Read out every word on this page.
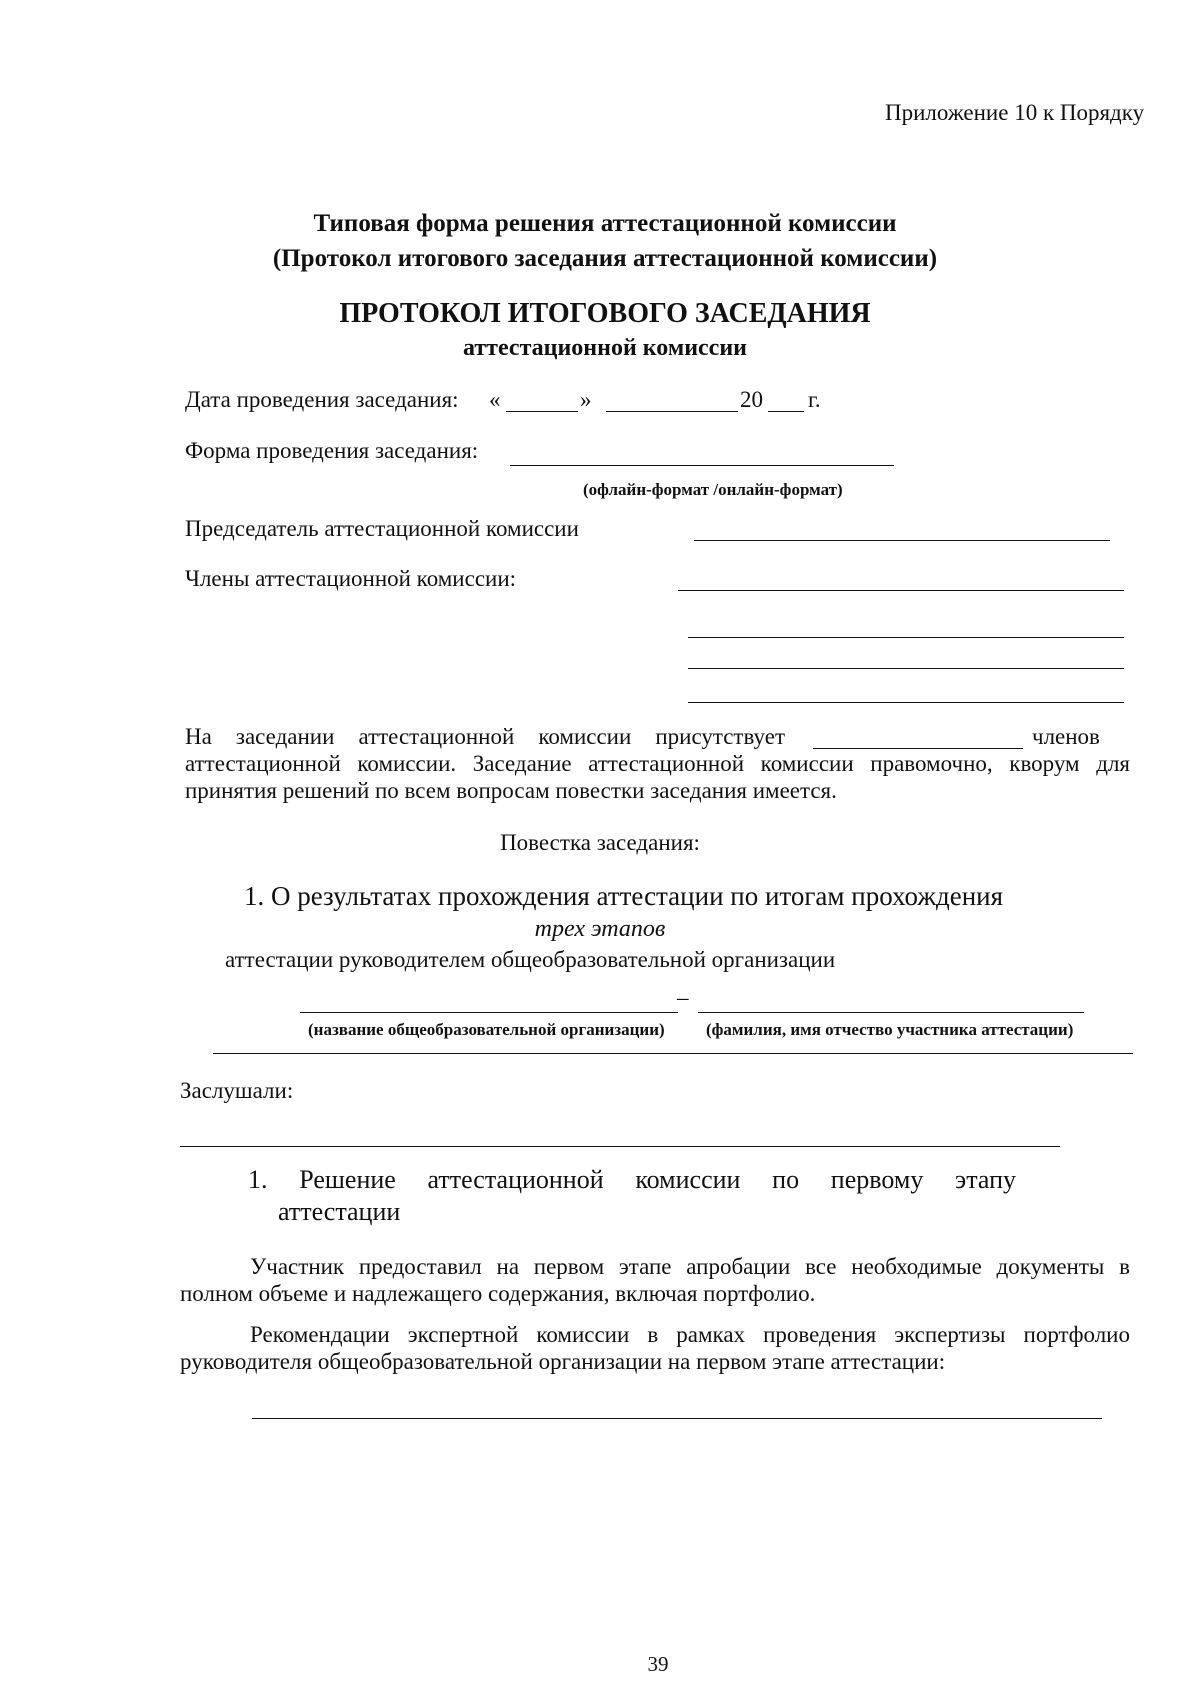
Приложение 10 к Порядку
Типовая форма решения аттестационной комиссии
(Протокол итогового заседания аттестационной комиссии)
ПРОТОКОЛ ИТОГОВОГО ЗАСЕДАНИЯ
аттестационной комиссии
Дата проведения заседания: «	»	20 г.
Форма проведения заседания:
(офлайн-формат /онлайн-формат)
Председатель аттестационной комиссии
Члены аттестационной комиссии:
На заседании аттестационной комиссии присутствует	членов
аттестационной комиссии. Заседание аттестационной комиссии правомочно, кворум для
принятия решений по всем вопросам повестки заседания имеется.
Повестка заседания:
1. О результатах прохождения аттестации по итогам прохождения
трех этапов
аттестации руководителем общеобразовательной организации
–
(название общеобразовательной организации) (фамилия, имя отчество участника аттестации)
Заслушали:
1. Решение аттестационной комиссии по первому этапу
аттестации
Участник предоставил на первом этапе апробации все необходимые документы в
полном объеме и надлежащего содержания, включая портфолио.
Рекомендации экспертной комиссии в рамках проведения экспертизы портфолио
руководителя общеобразовательной организации на первом этапе аттестации:
39
